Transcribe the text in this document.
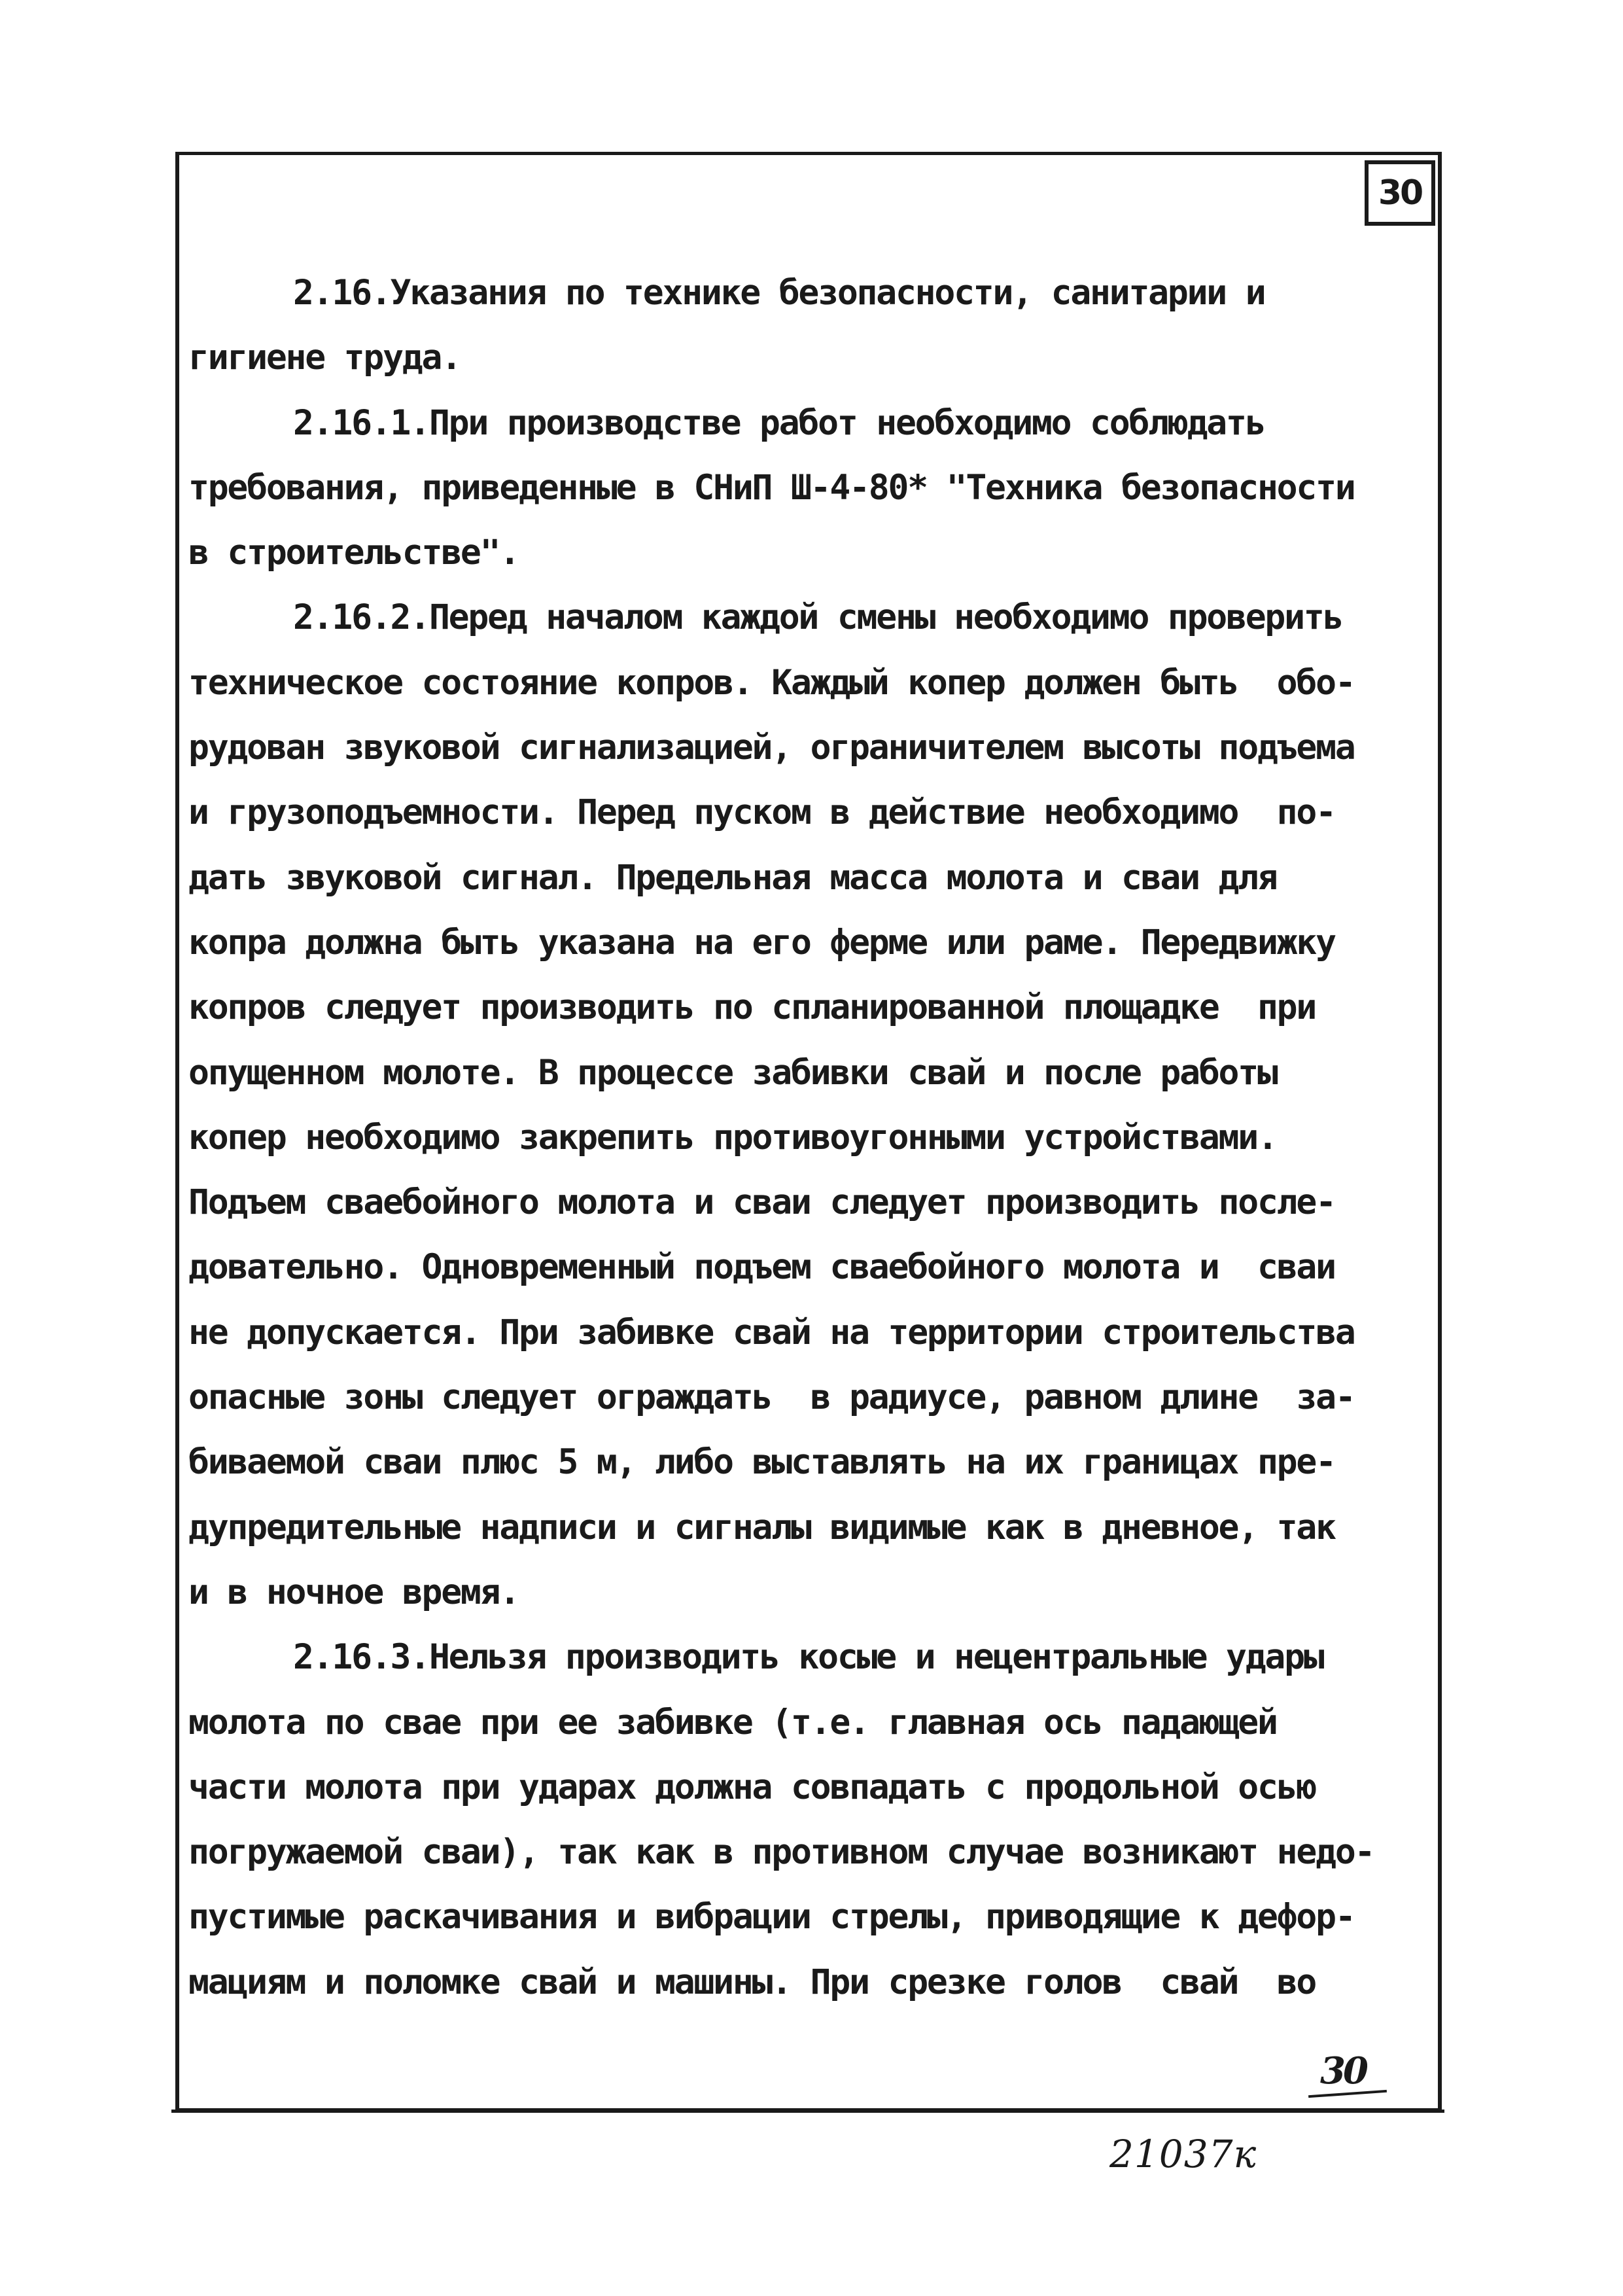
30
2.16.Указания по технике безопасности, санитарии и
гигиене труда.
2.16.1.При производстве работ необходимо соблюдать
требования, приведенные в СНиП Ш-4-80* "Техника безопасности
в строительстве".
2.16.2.Перед началом каждой смены необходимо проверить
техническое состояние копров. Каждый копер должен быть  обо-
рудован звуковой сигнализацией, ограничителем высоты подъема
и грузоподъемности. Перед пуском в действие необходимо  по-
дать звуковой сигнал. Предельная масса молота и сваи для
копра должна быть указана на его ферме или раме. Передвижку
копров следует производить по спланированной площадке  при
опущенном молоте. В процессе забивки свай и после работы
копер необходимо закрепить противоугонными устройствами.
Подъем сваебойного молота и сваи следует производить после-
довательно. Одновременный подъем сваебойного молота и  сваи
не допускается. При забивке свай на территории строительства
опасные зоны следует ограждать  в радиусе, равном длине  за-
биваемой сваи плюс 5 м, либо выставлять на их границах пре-
дупредительные надписи и сигналы видимые как в дневное, так
и в ночное время.
2.16.3.Нельзя производить косые и нецентральные удары
молота по свае при ее забивке (т.е. главная ось падающей
части молота при ударах должна совпадать с продольной осью
погружаемой сваи), так как в противном случае возникают недо-
пустимые раскачивания и вибрации стрелы, приводящие к дефор-
мациям и поломке свай и машины. При срезке голов  свай  во
30
21037к
